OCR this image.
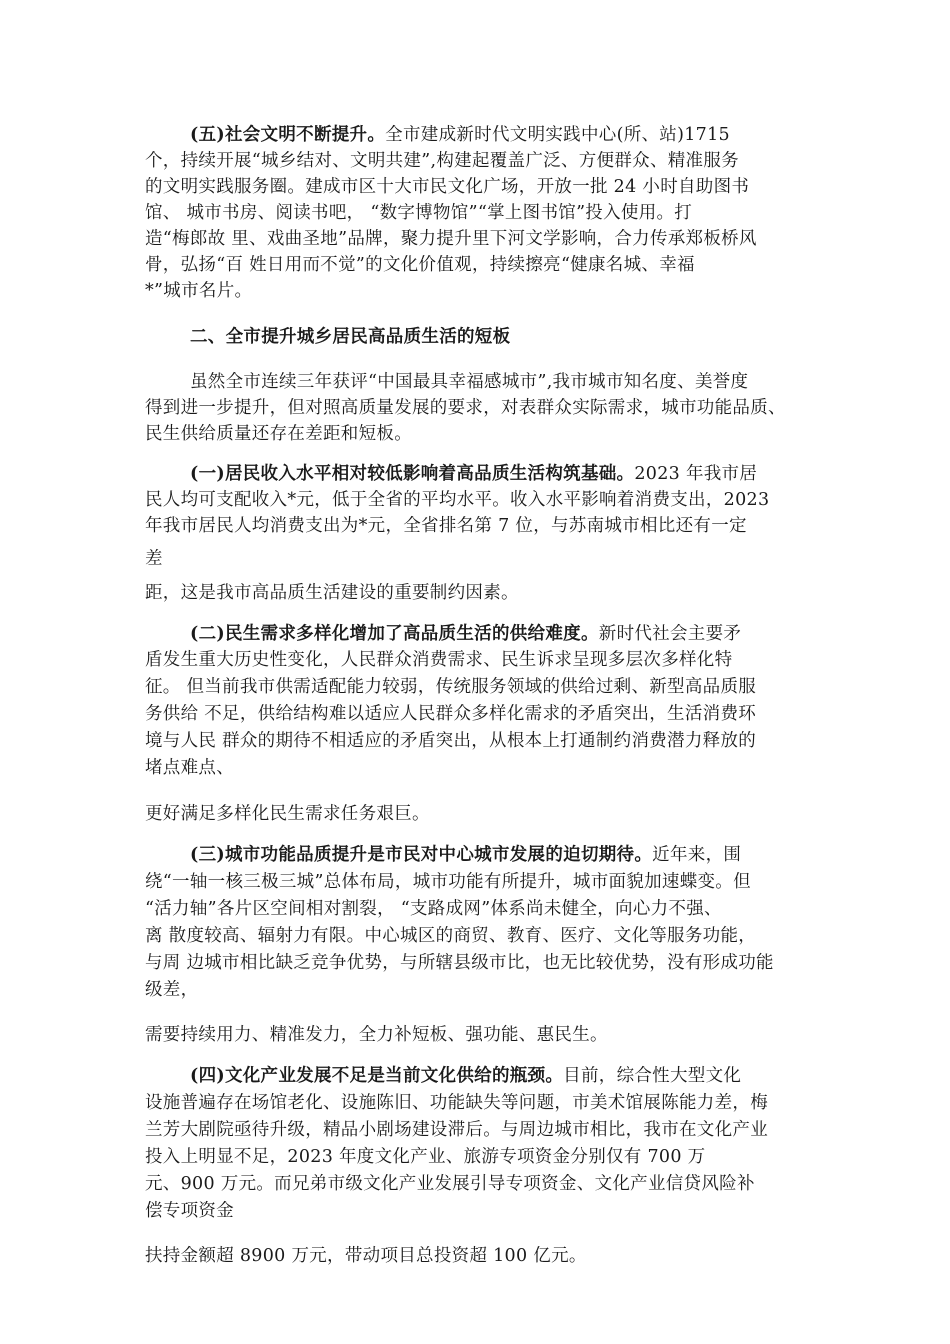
(五)社会文明不断提升。全市建成新时代文明实践中心(所、站)1715
个，持续开展“城乡结对、文明共建”,构建起覆盖广泛、方便群众、精准服务
的文明实践服务圈。建成市区十大市民文化广场，开放一批 24 小时自助图书
馆、 城市书房、阅读书吧， “数字博物馆”“掌上图书馆”投入使用。打
造“梅郎故 里、戏曲圣地”品牌，聚力提升里下河文学影响，合力传承郑板桥风
骨，弘扬“百 姓日用而不觉”的文化价值观，持续擦亮“健康名城、幸福
*”城市名片。
二、全市提升城乡居民高品质生活的短板
虽然全市连续三年获评“中国最具幸福感城市”,我市城市知名度、美誉度
得到进一步提升，但对照高质量发展的要求，对表群众实际需求，城市功能品质、
民生供给质量还存在差距和短板。
(一)居民收入水平相对较低影响着高品质生活构筑基础。2023 年我市居
民人均可支配收入*元，低于全省的平均水平。收入水平影响着消费支出，2023
年我市居民人均消费支出为*元，全省排名第 7 位，与苏南城市相比还有一定
差
距，这是我市高品质生活建设的重要制约因素。
(二)民生需求多样化增加了高品质生活的供给难度。新时代社会主要矛
盾发生重大历史性变化，人民群众消费需求、民生诉求呈现多层次多样化特
征。 但当前我市供需适配能力较弱，传统服务领域的供给过剩、新型高品质服
务供给 不足，供给结构难以适应人民群众多样化需求的矛盾突出，生活消费环
境与人民 群众的期待不相适应的矛盾突出，从根本上打通制约消费潜力释放的
堵点难点、
更好满足多样化民生需求任务艰巨。
(三)城市功能品质提升是市民对中心城市发展的迫切期待。近年来，围
绕“一轴一核三极三城”总体布局，城市功能有所提升，城市面貌加速蝶变。但
“活力轴”各片区空间相对割裂， “支路成网”体系尚未健全，向心力不强、
离 散度较高、辐射力有限。中心城区的商贸、教育、医疗、文化等服务功能，
与周 边城市相比缺乏竞争优势，与所辖县级市比，也无比较优势，没有形成功能
级差，
需要持续用力、精准发力，全力补短板、强功能、惠民生。
(四)文化产业发展不足是当前文化供给的瓶颈。目前，综合性大型文化
设施普遍存在场馆老化、设施陈旧、功能缺失等问题，市美术馆展陈能力差，梅
兰芳大剧院亟待升级，精品小剧场建设滞后。与周边城市相比，我市在文化产业
投入上明显不足，2023 年度文化产业、旅游专项资金分别仅有 700 万
元、900 万元。而兄弟市级文化产业发展引导专项资金、文化产业信贷风险补
偿专项资金
扶持金额超 8900 万元，带动项目总投资超 100 亿元。
